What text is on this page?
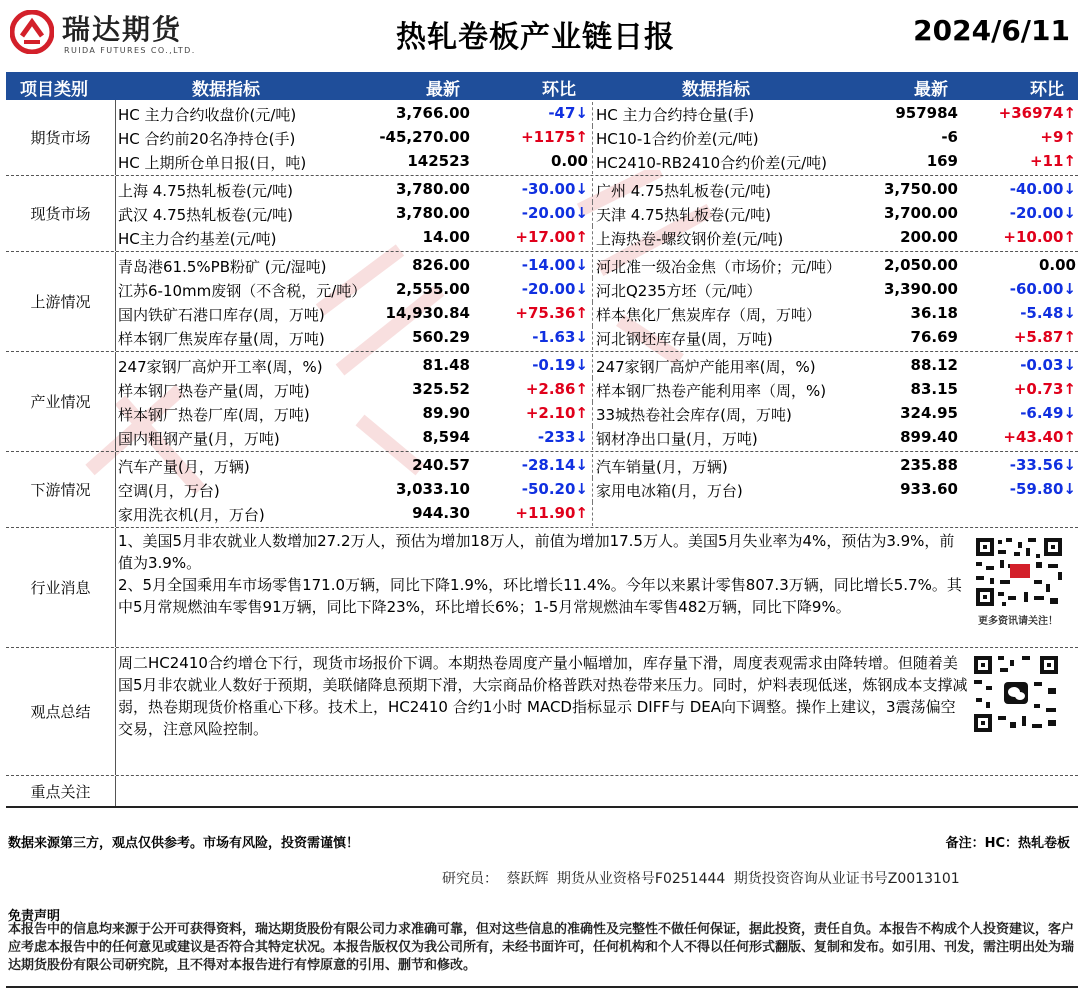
瑞达期货
RUIDA FUTURES CO.,LTD.	热轧卷板产业链日报	2024/6/11
项目类别	数据指标	最新	环比	数据指标	最新	环比
期货市场
HC 主力合约收盘价(元/吨)	3,766.00	-47↓ HC 主力合约持仓量(手)	957984	+36974↑
HC 合约前20名净持仓(手)	-45,270.00	+1175↑ HC10-1合约价差(元/吨)	-6	+9↑
HC 上期所仓单日报(日，吨)	142523	0.00 HC2410-RB2410合约价差(元/吨)	169	+11↑
现货市场
上海 4.75热轧板卷(元/吨)	3,780.00	-30.00↓ 广州 4.75热轧板卷(元/吨)	3,750.00	-40.00↓
武汉 4.75热轧板卷(元/吨)	3,780.00	-20.00↓ 天津 4.75热轧板卷(元/吨)	3,700.00	-20.00↓
HC主力合约基差(元/吨)	14.00	+17.00↑ 上海热卷-螺纹钢价差(元/吨)	200.00	+10.00↑
上游情况
青岛港61.5%PB粉矿 (元/湿吨)	826.00	-14.00↓ 河北准一级冶金焦（市场价；元/吨）	2,050.00	0.00
江苏6-10mm废钢（不含税，元/吨）	2,555.00	-20.00↓ 河北Q235方坯（元/吨）	3,390.00	-60.00↓
国内铁矿石港口库存(周，万吨)	14,930.84	+75.36↑ 样本焦化厂焦炭库存（周，万吨）	36.18	-5.48↓
样本钢厂焦炭库存量(周，万吨)	560.29	-1.63↓ 河北钢坯库存量(周，万吨)	76.69	+5.87↑
产业情况
247家钢厂高炉开工率(周，%)	81.48	-0.19↓ 247家钢厂高炉产能用率(周，%)	88.12	-0.03↓
样本钢厂热卷产量(周，万吨)	325.52	+2.86↑ 样本钢厂热卷产能利用率（周，%)	83.15	+0.73↑
样本钢厂热卷厂库(周，万吨)	89.90	+2.10↑ 33城热卷社会库存(周，万吨)	324.95	-6.49↓
国内粗钢产量(月，万吨)	8,594	-233↓ 钢材净出口量(月，万吨)	899.40	+43.40↑
下游情况
汽车产量(月，万辆)	240.57	-28.14↓ 汽车销量(月，万辆)	235.88	-33.56↓
空调(月，万台)	3,033.10	-50.20↓ 家用电冰箱(月，万台)	933.60	-59.80↓
家用洗衣机(月，万台)	944.30	+11.90↑
行业消息
1、美国5月非农就业人数增加27.2万人，预估为增加18万人，前值为增加17.5万人。美国5月失业率为4%，预估为3.9%，前值为3.9%。
2、5月全国乘用车市场零售171.0万辆，同比下降1.9%，环比增长11.4%。今年以来累计零售807.3万辆，同比增长5.7%。其中5月常规燃油车零售91万辆，同比下降23%，环比增长6%；1-5月常规燃油车零售482万辆，同比下降9%。
更多资讯请关注！
观点总结
周二HC2410合约增仓下行，现货市场报价下调。本期热卷周度产量小幅增加，库存量下滑，周度表观需求由降转增。但随着美国5月非农就业人数好于预期，美联储降息预期下滑，大宗商品价格普跌对热卷带来压力。同时，炉料表现低迷，炼钢成本支撑减弱，热卷期现货价格重心下移。技术上，HC2410 合约1小时 MACD指标显示 DIFF与 DEA向下调整。操作上建议，3震荡偏空交易，注意风险控制。
重点关注
数据来源第三方，观点仅供参考。市场有风险，投资需谨慎！	备注：HC：热轧卷板
研究员： 蔡跃辉 期货从业资格号F0251444 期货投资咨询从业证书号Z0013101
免责声明
本报告中的信息均来源于公开可获得资料，瑞达期货股份有限公司力求准确可靠，但对这些信息的准确性及完整性不做任何保证，据此投资，责任自负。本报告不构成个人投资建议，客户应考虑本报告中的任何意见或建议是否符合其特定状况。本报告版权仅为我公司所有，未经书面许可，任何机构和个人不得以任何形式翻版、复制和发布。如引用、刊发，需注明出处为瑞达期货股份有限公司研究院，且不得对本报告进行有悖原意的引用、删节和修改。
